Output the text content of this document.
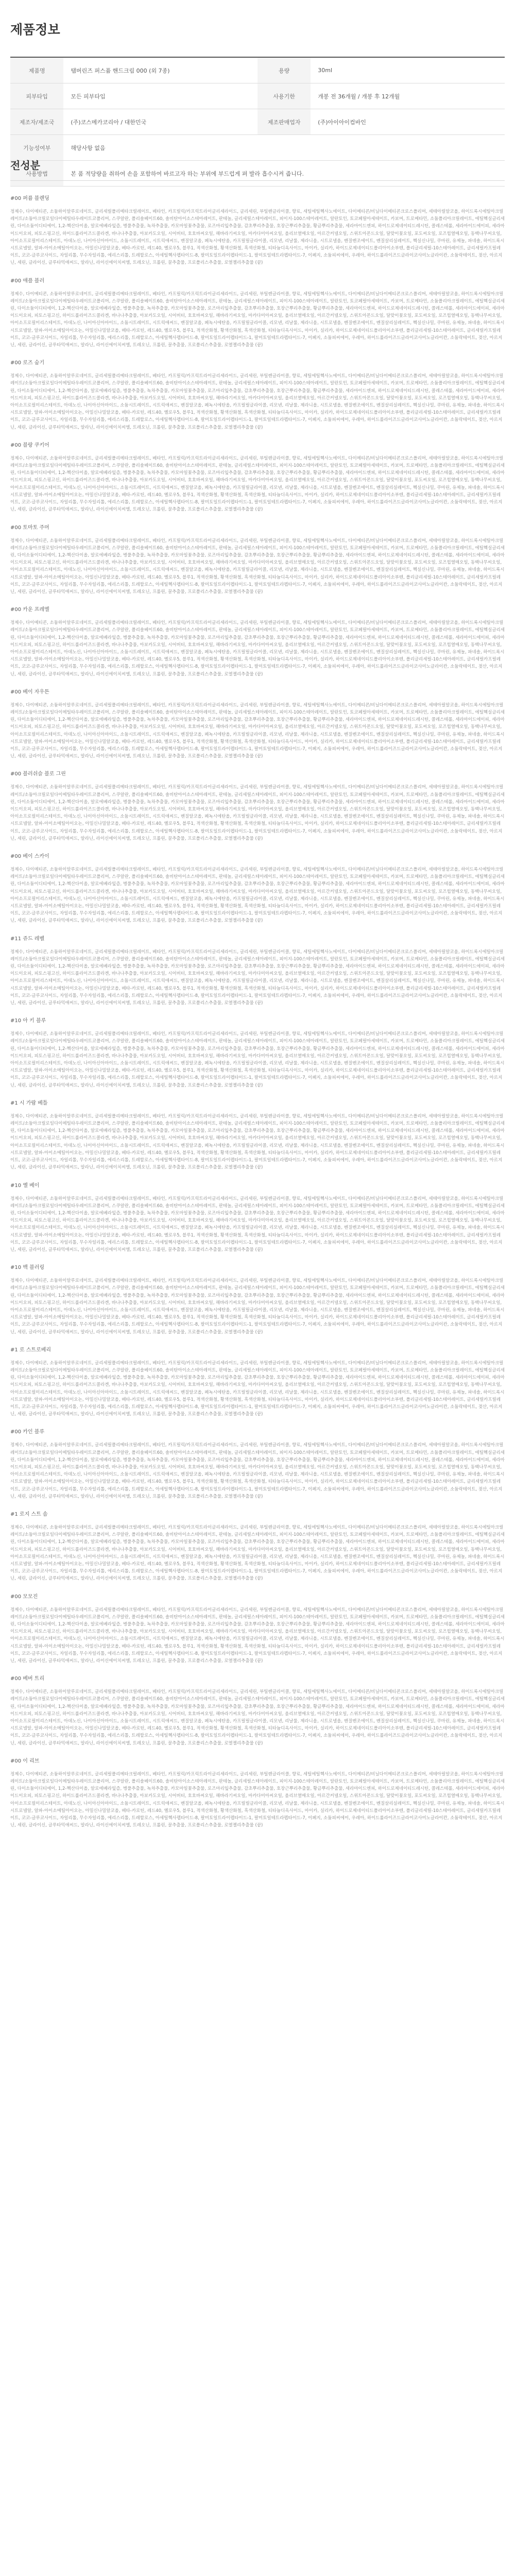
제품정보
제품명	탬버린즈 퍼스퓸 핸드크림 000 (외 7종)	용량	30ml
피부타입	모든 피부타입	사용기한	개봉 전 36개월 / 개봉 후 12개월
제조자/제조국	(주)코스메카코리아 / 대한민국	제조판매업자	(주)아이아이컴바인
기능성여부	해당사항 없음		
사용방법	본 품 적당량을 취하여 손을 포함하여 바르고자 하는 부위에 부드럽게 펴 발라 흡수시켜 줍니다.		
전성분
#00 퍼퓸 블렌딩
정제수, 다이메티콘, 소듐하이알루로네이트, 글리세릴폴리메타크릴레이트, 베타인, 카프릴릭/카프릭트라이글리세라이드, 글리세린, 부틸렌글라이콜, 향료, 세틸에틸헥사노에이트, 다이메티콘/비닐다이메티콘크로스폴리머, 세테아릴알코올, 하이드록시에틸아크릴레이트/소듐아크릴로일다이메틸타우레이트코폴리머, 스쿠알란, 폴리솔베이트60, 솔비탄아이소스테아레이트, 판테놀, 글리세릴스테아레이트, 피이지-100스테아레이트, 알란토인, 토코페릴아세테이트, 카보머, 트로메타민, 소듐폴리아크릴레이트, 에틸헥실글리세린, 다이소듐이디티에이, 1,2-헥산다이올, 알로에베라잎즙, 병풀추출물, 녹차추출물, 카모마일꽃추출물, 로즈마리잎추출물, 감초뿌리추출물, 호장근뿌리추출물, 황금뿌리추출물, 세라마이드엔피, 하이드로제네이티드레시틴, 콜레스테롤, 세라마이드에이피, 세라마이드이오피, 피토스핑고신, 하이드롤라이즈드콜라겐, 바나나추출물, 아보카도오일, 시어버터, 호호바씨오일, 해바라기씨오일, 마카다미아씨오일, 올리브열매오일, 아르간커넬오일, 스위트아몬드오일, 달맞이꽃오일, 포도씨오일, 로즈힙열매오일, 동백나무씨오일, 아이소프로필미리스테이트, 아데노신, 나이아신아마이드, 소듐시트레이트, 시트릭애씨드, 벤질알코올, 페녹시에탄올, 카프릴릴글라이콜, 리모넨, 리날룰, 제라니올, 시트로넬올, 벤질벤조에이트, 벤질살리실레이트, 헥실신나밀, 쿠마린, 유제놀, 파네솔, 하이드록시시트로넬알, 알파-아이소메틸아이오논, 아밀신나밀알코올, 베타-카로틴, 레드40, 옐로우5, 블루1, 적색산화철, 황색산화철, 흑색산화철, 티타늄디옥사이드, 마이카, 실리카, 하이드로제네이티드폴리아이소부텐, 폴리글리세릴-10스테아레이트, 글리세릴카프릴레이트, 코코-글루코사이드, 자일리톨, 무수자일리톨, 에리스리톨, 트레할로스, 아세틸헥사펩타이드-8, 팔미토일트라이펩타이드-1, 팔미토일테트라펩타이드-7, 이페지, 소듐피씨에이, 우레아, 하이드롤라이즈드글라이코사미노글라이칸, 소듐락테이트, 젖산, 아르지닌, 세린, 글라이신, 글루타믹애씨드, 알라닌, 라이신에이치씨엘, 트레오닌, 프롤린, 꿀추출물, 프로폴리스추출물, 로열젤리추출물 (끝)
#00 애플 블러
정제수, 다이메티콘, 소듐하이알루로네이트, 글리세릴폴리메타크릴레이트, 베타인, 카프릴릭/카프릭트라이글리세라이드, 글리세린, 부틸렌글라이콜, 향료, 세틸에틸헥사노에이트, 다이메티콘/비닐다이메티콘크로스폴리머, 세테아릴알코올, 하이드록시에틸아크릴레이트/소듐아크릴로일다이메틸타우레이트코폴리머, 스쿠알란, 폴리솔베이트60, 솔비탄아이소스테아레이트, 판테놀, 글리세릴스테아레이트, 피이지-100스테아레이트, 알란토인, 토코페릴아세테이트, 카보머, 트로메타민, 소듐폴리아크릴레이트, 에틸헥실글리세린, 다이소듐이디티에이, 1,2-헥산다이올, 알로에베라잎즙, 병풀추출물, 녹차추출물, 카모마일꽃추출물, 로즈마리잎추출물, 감초뿌리추출물, 호장근뿌리추출물, 황금뿌리추출물, 세라마이드엔피, 하이드로제네이티드레시틴, 콜레스테롤, 세라마이드에이피, 세라마이드이오피, 피토스핑고신, 하이드롤라이즈드콜라겐, 바나나추출물, 아보카도오일, 시어버터, 호호바씨오일, 해바라기씨오일, 마카다미아씨오일, 올리브열매오일, 아르간커넬오일, 스위트아몬드오일, 달맞이꽃오일, 포도씨오일, 로즈힙열매오일, 동백나무씨오일, 아이소프로필미리스테이트, 아데노신, 나이아신아마이드, 소듐시트레이트, 시트릭애씨드, 벤질알코올, 페녹시에탄올, 카프릴릴글라이콜, 리모넨, 리날룰, 제라니올, 시트로넬올, 벤질벤조에이트, 벤질살리실레이트, 헥실신나밀, 쿠마린, 유제놀, 파네솔, 하이드록시시트로넬알, 알파-아이소메틸아이오논, 아밀신나밀알코올, 베타-카로틴, 레드40, 옐로우5, 블루1, 적색산화철, 황색산화철, 흑색산화철, 티타늄디옥사이드, 마이카, 실리카, 하이드로제네이티드폴리아이소부텐, 폴리글리세릴-10스테아레이트, 글리세릴카프릴레이트, 코코-글루코사이드, 자일리톨, 무수자일리톨, 에리스리톨, 트레할로스, 아세틸헥사펩타이드-8, 팔미토일트라이펩타이드-1, 팔미토일테트라펩타이드-7, 이페지, 소듐피씨에이, 우레아, 하이드롤라이즈드글라이코사미노글라이칸, 소듐락테이트, 젖산, 아르지닌, 세린, 글라이신, 글루타믹애씨드, 알라닌, 라이신에이치씨엘, 트레오닌, 프롤린, 꿀추출물, 프로폴리스추출물, 로열젤리추출물 (끝)
#00 로즈 숨기
정제수, 다이메티콘, 소듐하이알루로네이트, 글리세릴폴리메타크릴레이트, 베타인, 카프릴릭/카프릭트라이글리세라이드, 글리세린, 부틸렌글라이콜, 향료, 세틸에틸헥사노에이트, 다이메티콘/비닐다이메티콘크로스폴리머, 세테아릴알코올, 하이드록시에틸아크릴레이트/소듐아크릴로일다이메틸타우레이트코폴리머, 스쿠알란, 폴리솔베이트60, 솔비탄아이소스테아레이트, 판테놀, 글리세릴스테아레이트, 피이지-100스테아레이트, 알란토인, 토코페릴아세테이트, 카보머, 트로메타민, 소듐폴리아크릴레이트, 에틸헥실글리세린, 다이소듐이디티에이, 1,2-헥산다이올, 알로에베라잎즙, 병풀추출물, 녹차추출물, 카모마일꽃추출물, 로즈마리잎추출물, 감초뿌리추출물, 호장근뿌리추출물, 황금뿌리추출물, 세라마이드엔피, 하이드로제네이티드레시틴, 콜레스테롤, 세라마이드에이피, 세라마이드이오피, 피토스핑고신, 하이드롤라이즈드콜라겐, 바나나추출물, 아보카도오일, 시어버터, 호호바씨오일, 해바라기씨오일, 마카다미아씨오일, 올리브열매오일, 아르간커넬오일, 스위트아몬드오일, 달맞이꽃오일, 포도씨오일, 로즈힙열매오일, 동백나무씨오일, 아이소프로필미리스테이트, 아데노신, 나이아신아마이드, 소듐시트레이트, 시트릭애씨드, 벤질알코올, 페녹시에탄올, 카프릴릴글라이콜, 리모넨, 리날룰, 제라니올, 시트로넬올, 벤질벤조에이트, 벤질살리실레이트, 헥실신나밀, 쿠마린, 유제놀, 파네솔, 하이드록시시트로넬알, 알파-아이소메틸아이오논, 아밀신나밀알코올, 베타-카로틴, 레드40, 옐로우5, 블루1, 적색산화철, 황색산화철, 흑색산화철, 티타늄디옥사이드, 마이카, 실리카, 하이드로제네이티드폴리아이소부텐, 폴리글리세릴-10스테아레이트, 글리세릴카프릴레이트, 코코-글루코사이드, 자일리톨, 무수자일리톨, 에리스리톨, 트레할로스, 아세틸헥사펩타이드-8, 팔미토일트라이펩타이드-1, 팔미토일테트라펩타이드-7, 이페지, 소듐피씨에이, 우레아, 하이드롤라이즈드글라이코사미노글라이칸, 소듐락테이트, 젖산, 아르지닌, 세린, 글라이신, 글루타믹애씨드, 알라닌, 라이신에이치씨엘, 트레오닌, 프롤린, 꿀추출물, 프로폴리스추출물, 로열젤리추출물 (끝)
#00 블랑 쿠키어
정제수, 다이메티콘, 소듐하이알루로네이트, 글리세릴폴리메타크릴레이트, 베타인, 카프릴릭/카프릭트라이글리세라이드, 글리세린, 부틸렌글라이콜, 향료, 세틸에틸헥사노에이트, 다이메티콘/비닐다이메티콘크로스폴리머, 세테아릴알코올, 하이드록시에틸아크릴레이트/소듐아크릴로일다이메틸타우레이트코폴리머, 스쿠알란, 폴리솔베이트60, 솔비탄아이소스테아레이트, 판테놀, 글리세릴스테아레이트, 피이지-100스테아레이트, 알란토인, 토코페릴아세테이트, 카보머, 트로메타민, 소듐폴리아크릴레이트, 에틸헥실글리세린, 다이소듐이디티에이, 1,2-헥산다이올, 알로에베라잎즙, 병풀추출물, 녹차추출물, 카모마일꽃추출물, 로즈마리잎추출물, 감초뿌리추출물, 호장근뿌리추출물, 황금뿌리추출물, 세라마이드엔피, 하이드로제네이티드레시틴, 콜레스테롤, 세라마이드에이피, 세라마이드이오피, 피토스핑고신, 하이드롤라이즈드콜라겐, 바나나추출물, 아보카도오일, 시어버터, 호호바씨오일, 해바라기씨오일, 마카다미아씨오일, 올리브열매오일, 아르간커넬오일, 스위트아몬드오일, 달맞이꽃오일, 포도씨오일, 로즈힙열매오일, 동백나무씨오일, 아이소프로필미리스테이트, 아데노신, 나이아신아마이드, 소듐시트레이트, 시트릭애씨드, 벤질알코올, 페녹시에탄올, 카프릴릴글라이콜, 리모넨, 리날룰, 제라니올, 시트로넬올, 벤질벤조에이트, 벤질살리실레이트, 헥실신나밀, 쿠마린, 유제놀, 파네솔, 하이드록시시트로넬알, 알파-아이소메틸아이오논, 아밀신나밀알코올, 베타-카로틴, 레드40, 옐로우5, 블루1, 적색산화철, 황색산화철, 흑색산화철, 티타늄디옥사이드, 마이카, 실리카, 하이드로제네이티드폴리아이소부텐, 폴리글리세릴-10스테아레이트, 글리세릴카프릴레이트, 코코-글루코사이드, 자일리톨, 무수자일리톨, 에리스리톨, 트레할로스, 아세틸헥사펩타이드-8, 팔미토일트라이펩타이드-1, 팔미토일테트라펩타이드-7, 이페지, 소듐피씨에이, 우레아, 하이드롤라이즈드글라이코사미노글라이칸, 소듐락테이트, 젖산, 아르지닌, 세린, 글라이신, 글루타믹애씨드, 알라닌, 라이신에이치씨엘, 트레오닌, 프롤린, 꿀추출물, 프로폴리스추출물, 로열젤리추출물 (끝)
#00 토마토 주머
정제수, 다이메티콘, 소듐하이알루로네이트, 글리세릴폴리메타크릴레이트, 베타인, 카프릴릭/카프릭트라이글리세라이드, 글리세린, 부틸렌글라이콜, 향료, 세틸에틸헥사노에이트, 다이메티콘/비닐다이메티콘크로스폴리머, 세테아릴알코올, 하이드록시에틸아크릴레이트/소듐아크릴로일다이메틸타우레이트코폴리머, 스쿠알란, 폴리솔베이트60, 솔비탄아이소스테아레이트, 판테놀, 글리세릴스테아레이트, 피이지-100스테아레이트, 알란토인, 토코페릴아세테이트, 카보머, 트로메타민, 소듐폴리아크릴레이트, 에틸헥실글리세린, 다이소듐이디티에이, 1,2-헥산다이올, 알로에베라잎즙, 병풀추출물, 녹차추출물, 카모마일꽃추출물, 로즈마리잎추출물, 감초뿌리추출물, 호장근뿌리추출물, 황금뿌리추출물, 세라마이드엔피, 하이드로제네이티드레시틴, 콜레스테롤, 세라마이드에이피, 세라마이드이오피, 피토스핑고신, 하이드롤라이즈드콜라겐, 바나나추출물, 아보카도오일, 시어버터, 호호바씨오일, 해바라기씨오일, 마카다미아씨오일, 올리브열매오일, 아르간커넬오일, 스위트아몬드오일, 달맞이꽃오일, 포도씨오일, 로즈힙열매오일, 동백나무씨오일, 아이소프로필미리스테이트, 아데노신, 나이아신아마이드, 소듐시트레이트, 시트릭애씨드, 벤질알코올, 페녹시에탄올, 카프릴릴글라이콜, 리모넨, 리날룰, 제라니올, 시트로넬올, 벤질벤조에이트, 벤질살리실레이트, 헥실신나밀, 쿠마린, 유제놀, 파네솔, 하이드록시시트로넬알, 알파-아이소메틸아이오논, 아밀신나밀알코올, 베타-카로틴, 레드40, 옐로우5, 블루1, 적색산화철, 황색산화철, 흑색산화철, 티타늄디옥사이드, 마이카, 실리카, 하이드로제네이티드폴리아이소부텐, 폴리글리세릴-10스테아레이트, 글리세릴카프릴레이트, 코코-글루코사이드, 자일리톨, 무수자일리톨, 에리스리톨, 트레할로스, 아세틸헥사펩타이드-8, 팔미토일트라이펩타이드-1, 팔미토일테트라펩타이드-7, 이페지, 소듐피씨에이, 우레아, 하이드롤라이즈드글라이코사미노글라이칸, 소듐락테이트, 젖산, 아르지닌, 세린, 글라이신, 글루타믹애씨드, 알라닌, 라이신에이치씨엘, 트레오닌, 프롤린, 꿀추출물, 프로폴리스추출물, 로열젤리추출물 (끝)
#00 카운 프레멜
정제수, 다이메티콘, 소듐하이알루로네이트, 글리세릴폴리메타크릴레이트, 베타인, 카프릴릭/카프릭트라이글리세라이드, 글리세린, 부틸렌글라이콜, 향료, 세틸에틸헥사노에이트, 다이메티콘/비닐다이메티콘크로스폴리머, 세테아릴알코올, 하이드록시에틸아크릴레이트/소듐아크릴로일다이메틸타우레이트코폴리머, 스쿠알란, 폴리솔베이트60, 솔비탄아이소스테아레이트, 판테놀, 글리세릴스테아레이트, 피이지-100스테아레이트, 알란토인, 토코페릴아세테이트, 카보머, 트로메타민, 소듐폴리아크릴레이트, 에틸헥실글리세린, 다이소듐이디티에이, 1,2-헥산다이올, 알로에베라잎즙, 병풀추출물, 녹차추출물, 카모마일꽃추출물, 로즈마리잎추출물, 감초뿌리추출물, 호장근뿌리추출물, 황금뿌리추출물, 세라마이드엔피, 하이드로제네이티드레시틴, 콜레스테롤, 세라마이드에이피, 세라마이드이오피, 피토스핑고신, 하이드롤라이즈드콜라겐, 바나나추출물, 아보카도오일, 시어버터, 호호바씨오일, 해바라기씨오일, 마카다미아씨오일, 올리브열매오일, 아르간커넬오일, 스위트아몬드오일, 달맞이꽃오일, 포도씨오일, 로즈힙열매오일, 동백나무씨오일, 아이소프로필미리스테이트, 아데노신, 나이아신아마이드, 소듐시트레이트, 시트릭애씨드, 벤질알코올, 페녹시에탄올, 카프릴릴글라이콜, 리모넨, 리날룰, 제라니올, 시트로넬올, 벤질벤조에이트, 벤질살리실레이트, 헥실신나밀, 쿠마린, 유제놀, 파네솔, 하이드록시시트로넬알, 알파-아이소메틸아이오논, 아밀신나밀알코올, 베타-카로틴, 레드40, 옐로우5, 블루1, 적색산화철, 황색산화철, 흑색산화철, 티타늄디옥사이드, 마이카, 실리카, 하이드로제네이티드폴리아이소부텐, 폴리글리세릴-10스테아레이트, 글리세릴카프릴레이트, 코코-글루코사이드, 자일리톨, 무수자일리톨, 에리스리톨, 트레할로스, 아세틸헥사펩타이드-8, 팔미토일트라이펩타이드-1, 팔미토일테트라펩타이드-7, 이페지, 소듐피씨에이, 우레아, 하이드롤라이즈드글라이코사미노글라이칸, 소듐락테이트, 젖산, 아르지닌, 세린, 글라이신, 글루타믹애씨드, 알라닌, 라이신에이치씨엘, 트레오닌, 프롤린, 꿀추출물, 프로폴리스추출물, 로열젤리추출물 (끝)
#00 베이 자우튼
정제수, 다이메티콘, 소듐하이알루로네이트, 글리세릴폴리메타크릴레이트, 베타인, 카프릴릭/카프릭트라이글리세라이드, 글리세린, 부틸렌글라이콜, 향료, 세틸에틸헥사노에이트, 다이메티콘/비닐다이메티콘크로스폴리머, 세테아릴알코올, 하이드록시에틸아크릴레이트/소듐아크릴로일다이메틸타우레이트코폴리머, 스쿠알란, 폴리솔베이트60, 솔비탄아이소스테아레이트, 판테놀, 글리세릴스테아레이트, 피이지-100스테아레이트, 알란토인, 토코페릴아세테이트, 카보머, 트로메타민, 소듐폴리아크릴레이트, 에틸헥실글리세린, 다이소듐이디티에이, 1,2-헥산다이올, 알로에베라잎즙, 병풀추출물, 녹차추출물, 카모마일꽃추출물, 로즈마리잎추출물, 감초뿌리추출물, 호장근뿌리추출물, 황금뿌리추출물, 세라마이드엔피, 하이드로제네이티드레시틴, 콜레스테롤, 세라마이드에이피, 세라마이드이오피, 피토스핑고신, 하이드롤라이즈드콜라겐, 바나나추출물, 아보카도오일, 시어버터, 호호바씨오일, 해바라기씨오일, 마카다미아씨오일, 올리브열매오일, 아르간커넬오일, 스위트아몬드오일, 달맞이꽃오일, 포도씨오일, 로즈힙열매오일, 동백나무씨오일, 아이소프로필미리스테이트, 아데노신, 나이아신아마이드, 소듐시트레이트, 시트릭애씨드, 벤질알코올, 페녹시에탄올, 카프릴릴글라이콜, 리모넨, 리날룰, 제라니올, 시트로넬올, 벤질벤조에이트, 벤질살리실레이트, 헥실신나밀, 쿠마린, 유제놀, 파네솔, 하이드록시시트로넬알, 알파-아이소메틸아이오논, 아밀신나밀알코올, 베타-카로틴, 레드40, 옐로우5, 블루1, 적색산화철, 황색산화철, 흑색산화철, 티타늄디옥사이드, 마이카, 실리카, 하이드로제네이티드폴리아이소부텐, 폴리글리세릴-10스테아레이트, 글리세릴카프릴레이트, 코코-글루코사이드, 자일리톨, 무수자일리톨, 에리스리톨, 트레할로스, 아세틸헥사펩타이드-8, 팔미토일트라이펩타이드-1, 팔미토일테트라펩타이드-7, 이페지, 소듐피씨에이, 우레아, 하이드롤라이즈드글라이코사미노글라이칸, 소듐락테이트, 젖산, 아르지닌, 세린, 글라이신, 글루타믹애씨드, 알라닌, 라이신에이치씨엘, 트레오닌, 프롤린, 꿀추출물, 프로폴리스추출물, 로열젤리추출물 (끝)
#00 블러쉬슬 블로 그린
정제수, 다이메티콘, 소듐하이알루로네이트, 글리세릴폴리메타크릴레이트, 베타인, 카프릴릭/카프릭트라이글리세라이드, 글리세린, 부틸렌글라이콜, 향료, 세틸에틸헥사노에이트, 다이메티콘/비닐다이메티콘크로스폴리머, 세테아릴알코올, 하이드록시에틸아크릴레이트/소듐아크릴로일다이메틸타우레이트코폴리머, 스쿠알란, 폴리솔베이트60, 솔비탄아이소스테아레이트, 판테놀, 글리세릴스테아레이트, 피이지-100스테아레이트, 알란토인, 토코페릴아세테이트, 카보머, 트로메타민, 소듐폴리아크릴레이트, 에틸헥실글리세린, 다이소듐이디티에이, 1,2-헥산다이올, 알로에베라잎즙, 병풀추출물, 녹차추출물, 카모마일꽃추출물, 로즈마리잎추출물, 감초뿌리추출물, 호장근뿌리추출물, 황금뿌리추출물, 세라마이드엔피, 하이드로제네이티드레시틴, 콜레스테롤, 세라마이드에이피, 세라마이드이오피, 피토스핑고신, 하이드롤라이즈드콜라겐, 바나나추출물, 아보카도오일, 시어버터, 호호바씨오일, 해바라기씨오일, 마카다미아씨오일, 올리브열매오일, 아르간커넬오일, 스위트아몬드오일, 달맞이꽃오일, 포도씨오일, 로즈힙열매오일, 동백나무씨오일, 아이소프로필미리스테이트, 아데노신, 나이아신아마이드, 소듐시트레이트, 시트릭애씨드, 벤질알코올, 페녹시에탄올, 카프릴릴글라이콜, 리모넨, 리날룰, 제라니올, 시트로넬올, 벤질벤조에이트, 벤질살리실레이트, 헥실신나밀, 쿠마린, 유제놀, 파네솔, 하이드록시시트로넬알, 알파-아이소메틸아이오논, 아밀신나밀알코올, 베타-카로틴, 레드40, 옐로우5, 블루1, 적색산화철, 황색산화철, 흑색산화철, 티타늄디옥사이드, 마이카, 실리카, 하이드로제네이티드폴리아이소부텐, 폴리글리세릴-10스테아레이트, 글리세릴카프릴레이트, 코코-글루코사이드, 자일리톨, 무수자일리톨, 에리스리톨, 트레할로스, 아세틸헥사펩타이드-8, 팔미토일트라이펩타이드-1, 팔미토일테트라펩타이드-7, 이페지, 소듐피씨에이, 우레아, 하이드롤라이즈드글라이코사미노글라이칸, 소듐락테이트, 젖산, 아르지닌, 세린, 글라이신, 글루타믹애씨드, 알라닌, 라이신에이치씨엘, 트레오닌, 프롤린, 꿀추출물, 프로폴리스추출물, 로열젤리추출물 (끝)
#00 베이 스카이
정제수, 다이메티콘, 소듐하이알루로네이트, 글리세릴폴리메타크릴레이트, 베타인, 카프릴릭/카프릭트라이글리세라이드, 글리세린, 부틸렌글라이콜, 향료, 세틸에틸헥사노에이트, 다이메티콘/비닐다이메티콘크로스폴리머, 세테아릴알코올, 하이드록시에틸아크릴레이트/소듐아크릴로일다이메틸타우레이트코폴리머, 스쿠알란, 폴리솔베이트60, 솔비탄아이소스테아레이트, 판테놀, 글리세릴스테아레이트, 피이지-100스테아레이트, 알란토인, 토코페릴아세테이트, 카보머, 트로메타민, 소듐폴리아크릴레이트, 에틸헥실글리세린, 다이소듐이디티에이, 1,2-헥산다이올, 알로에베라잎즙, 병풀추출물, 녹차추출물, 카모마일꽃추출물, 로즈마리잎추출물, 감초뿌리추출물, 호장근뿌리추출물, 황금뿌리추출물, 세라마이드엔피, 하이드로제네이티드레시틴, 콜레스테롤, 세라마이드에이피, 세라마이드이오피, 피토스핑고신, 하이드롤라이즈드콜라겐, 바나나추출물, 아보카도오일, 시어버터, 호호바씨오일, 해바라기씨오일, 마카다미아씨오일, 올리브열매오일, 아르간커넬오일, 스위트아몬드오일, 달맞이꽃오일, 포도씨오일, 로즈힙열매오일, 동백나무씨오일, 아이소프로필미리스테이트, 아데노신, 나이아신아마이드, 소듐시트레이트, 시트릭애씨드, 벤질알코올, 페녹시에탄올, 카프릴릴글라이콜, 리모넨, 리날룰, 제라니올, 시트로넬올, 벤질벤조에이트, 벤질살리실레이트, 헥실신나밀, 쿠마린, 유제놀, 파네솔, 하이드록시시트로넬알, 알파-아이소메틸아이오논, 아밀신나밀알코올, 베타-카로틴, 레드40, 옐로우5, 블루1, 적색산화철, 황색산화철, 흑색산화철, 티타늄디옥사이드, 마이카, 실리카, 하이드로제네이티드폴리아이소부텐, 폴리글리세릴-10스테아레이트, 글리세릴카프릴레이트, 코코-글루코사이드, 자일리톨, 무수자일리톨, 에리스리톨, 트레할로스, 아세틸헥사펩타이드-8, 팔미토일트라이펩타이드-1, 팔미토일테트라펩타이드-7, 이페지, 소듐피씨에이, 우레아, 하이드롤라이즈드글라이코사미노글라이칸, 소듐락테이트, 젖산, 아르지닌, 세린, 글라이신, 글루타믹애씨드, 알라닌, 라이신에이치씨엘, 트레오닌, 프롤린, 꿀추출물, 프로폴리스추출물, 로열젤리추출물 (끝)
#11 쥬드 레벨
정제수, 다이메티콘, 소듐하이알루로네이트, 글리세릴폴리메타크릴레이트, 베타인, 카프릴릭/카프릭트라이글리세라이드, 글리세린, 부틸렌글라이콜, 향료, 세틸에틸헥사노에이트, 다이메티콘/비닐다이메티콘크로스폴리머, 세테아릴알코올, 하이드록시에틸아크릴레이트/소듐아크릴로일다이메틸타우레이트코폴리머, 스쿠알란, 폴리솔베이트60, 솔비탄아이소스테아레이트, 판테놀, 글리세릴스테아레이트, 피이지-100스테아레이트, 알란토인, 토코페릴아세테이트, 카보머, 트로메타민, 소듐폴리아크릴레이트, 에틸헥실글리세린, 다이소듐이디티에이, 1,2-헥산다이올, 알로에베라잎즙, 병풀추출물, 녹차추출물, 카모마일꽃추출물, 로즈마리잎추출물, 감초뿌리추출물, 호장근뿌리추출물, 황금뿌리추출물, 세라마이드엔피, 하이드로제네이티드레시틴, 콜레스테롤, 세라마이드에이피, 세라마이드이오피, 피토스핑고신, 하이드롤라이즈드콜라겐, 바나나추출물, 아보카도오일, 시어버터, 호호바씨오일, 해바라기씨오일, 마카다미아씨오일, 올리브열매오일, 아르간커넬오일, 스위트아몬드오일, 달맞이꽃오일, 포도씨오일, 로즈힙열매오일, 동백나무씨오일, 아이소프로필미리스테이트, 아데노신, 나이아신아마이드, 소듐시트레이트, 시트릭애씨드, 벤질알코올, 페녹시에탄올, 카프릴릴글라이콜, 리모넨, 리날룰, 제라니올, 시트로넬올, 벤질벤조에이트, 벤질살리실레이트, 헥실신나밀, 쿠마린, 유제놀, 파네솔, 하이드록시시트로넬알, 알파-아이소메틸아이오논, 아밀신나밀알코올, 베타-카로틴, 레드40, 옐로우5, 블루1, 적색산화철, 황색산화철, 흑색산화철, 티타늄디옥사이드, 마이카, 실리카, 하이드로제네이티드폴리아이소부텐, 폴리글리세릴-10스테아레이트, 글리세릴카프릴레이트, 코코-글루코사이드, 자일리톨, 무수자일리톨, 에리스리톨, 트레할로스, 아세틸헥사펩타이드-8, 팔미토일트라이펩타이드-1, 팔미토일테트라펩타이드-7, 이페지, 소듐피씨에이, 우레아, 하이드롤라이즈드글라이코사미노글라이칸, 소듐락테이트, 젖산, 아르지닌, 세린, 글라이신, 글루타믹애씨드, 알라닌, 라이신에이치씨엘, 트레오닌, 프롤린, 꿀추출물, 프로폴리스추출물, 로열젤리추출물 (끝)
#10 아 키 블루
정제수, 다이메티콘, 소듐하이알루로네이트, 글리세릴폴리메타크릴레이트, 베타인, 카프릴릭/카프릭트라이글리세라이드, 글리세린, 부틸렌글라이콜, 향료, 세틸에틸헥사노에이트, 다이메티콘/비닐다이메티콘크로스폴리머, 세테아릴알코올, 하이드록시에틸아크릴레이트/소듐아크릴로일다이메틸타우레이트코폴리머, 스쿠알란, 폴리솔베이트60, 솔비탄아이소스테아레이트, 판테놀, 글리세릴스테아레이트, 피이지-100스테아레이트, 알란토인, 토코페릴아세테이트, 카보머, 트로메타민, 소듐폴리아크릴레이트, 에틸헥실글리세린, 다이소듐이디티에이, 1,2-헥산다이올, 알로에베라잎즙, 병풀추출물, 녹차추출물, 카모마일꽃추출물, 로즈마리잎추출물, 감초뿌리추출물, 호장근뿌리추출물, 황금뿌리추출물, 세라마이드엔피, 하이드로제네이티드레시틴, 콜레스테롤, 세라마이드에이피, 세라마이드이오피, 피토스핑고신, 하이드롤라이즈드콜라겐, 바나나추출물, 아보카도오일, 시어버터, 호호바씨오일, 해바라기씨오일, 마카다미아씨오일, 올리브열매오일, 아르간커넬오일, 스위트아몬드오일, 달맞이꽃오일, 포도씨오일, 로즈힙열매오일, 동백나무씨오일, 아이소프로필미리스테이트, 아데노신, 나이아신아마이드, 소듐시트레이트, 시트릭애씨드, 벤질알코올, 페녹시에탄올, 카프릴릴글라이콜, 리모넨, 리날룰, 제라니올, 시트로넬올, 벤질벤조에이트, 벤질살리실레이트, 헥실신나밀, 쿠마린, 유제놀, 파네솔, 하이드록시시트로넬알, 알파-아이소메틸아이오논, 아밀신나밀알코올, 베타-카로틴, 레드40, 옐로우5, 블루1, 적색산화철, 황색산화철, 흑색산화철, 티타늄디옥사이드, 마이카, 실리카, 하이드로제네이티드폴리아이소부텐, 폴리글리세릴-10스테아레이트, 글리세릴카프릴레이트, 코코-글루코사이드, 자일리톨, 무수자일리톨, 에리스리톨, 트레할로스, 아세틸헥사펩타이드-8, 팔미토일트라이펩타이드-1, 팔미토일테트라펩타이드-7, 이페지, 소듐피씨에이, 우레아, 하이드롤라이즈드글라이코사미노글라이칸, 소듐락테이트, 젖산, 아르지닌, 세린, 글라이신, 글루타믹애씨드, 알라닌, 라이신에이치씨엘, 트레오닌, 프롤린, 꿀추출물, 프로폴리스추출물, 로열젤리추출물 (끝)
#1 시 가람 베틀
정제수, 다이메티콘, 소듐하이알루로네이트, 글리세릴폴리메타크릴레이트, 베타인, 카프릴릭/카프릭트라이글리세라이드, 글리세린, 부틸렌글라이콜, 향료, 세틸에틸헥사노에이트, 다이메티콘/비닐다이메티콘크로스폴리머, 세테아릴알코올, 하이드록시에틸아크릴레이트/소듐아크릴로일다이메틸타우레이트코폴리머, 스쿠알란, 폴리솔베이트60, 솔비탄아이소스테아레이트, 판테놀, 글리세릴스테아레이트, 피이지-100스테아레이트, 알란토인, 토코페릴아세테이트, 카보머, 트로메타민, 소듐폴리아크릴레이트, 에틸헥실글리세린, 다이소듐이디티에이, 1,2-헥산다이올, 알로에베라잎즙, 병풀추출물, 녹차추출물, 카모마일꽃추출물, 로즈마리잎추출물, 감초뿌리추출물, 호장근뿌리추출물, 황금뿌리추출물, 세라마이드엔피, 하이드로제네이티드레시틴, 콜레스테롤, 세라마이드에이피, 세라마이드이오피, 피토스핑고신, 하이드롤라이즈드콜라겐, 바나나추출물, 아보카도오일, 시어버터, 호호바씨오일, 해바라기씨오일, 마카다미아씨오일, 올리브열매오일, 아르간커넬오일, 스위트아몬드오일, 달맞이꽃오일, 포도씨오일, 로즈힙열매오일, 동백나무씨오일, 아이소프로필미리스테이트, 아데노신, 나이아신아마이드, 소듐시트레이트, 시트릭애씨드, 벤질알코올, 페녹시에탄올, 카프릴릴글라이콜, 리모넨, 리날룰, 제라니올, 시트로넬올, 벤질벤조에이트, 벤질살리실레이트, 헥실신나밀, 쿠마린, 유제놀, 파네솔, 하이드록시시트로넬알, 알파-아이소메틸아이오논, 아밀신나밀알코올, 베타-카로틴, 레드40, 옐로우5, 블루1, 적색산화철, 황색산화철, 흑색산화철, 티타늄디옥사이드, 마이카, 실리카, 하이드로제네이티드폴리아이소부텐, 폴리글리세릴-10스테아레이트, 글리세릴카프릴레이트, 코코-글루코사이드, 자일리톨, 무수자일리톨, 에리스리톨, 트레할로스, 아세틸헥사펩타이드-8, 팔미토일트라이펩타이드-1, 팔미토일테트라펩타이드-7, 이페지, 소듐피씨에이, 우레아, 하이드롤라이즈드글라이코사미노글라이칸, 소듐락테이트, 젖산, 아르지닌, 세린, 글라이신, 글루타믹애씨드, 알라닌, 라이신에이치씨엘, 트레오닌, 프롤린, 꿀추출물, 프로폴리스추출물, 로열젤리추출물 (끝)
#10 옐 베이
정제수, 다이메티콘, 소듐하이알루로네이트, 글리세릴폴리메타크릴레이트, 베타인, 카프릴릭/카프릭트라이글리세라이드, 글리세린, 부틸렌글라이콜, 향료, 세틸에틸헥사노에이트, 다이메티콘/비닐다이메티콘크로스폴리머, 세테아릴알코올, 하이드록시에틸아크릴레이트/소듐아크릴로일다이메틸타우레이트코폴리머, 스쿠알란, 폴리솔베이트60, 솔비탄아이소스테아레이트, 판테놀, 글리세릴스테아레이트, 피이지-100스테아레이트, 알란토인, 토코페릴아세테이트, 카보머, 트로메타민, 소듐폴리아크릴레이트, 에틸헥실글리세린, 다이소듐이디티에이, 1,2-헥산다이올, 알로에베라잎즙, 병풀추출물, 녹차추출물, 카모마일꽃추출물, 로즈마리잎추출물, 감초뿌리추출물, 호장근뿌리추출물, 황금뿌리추출물, 세라마이드엔피, 하이드로제네이티드레시틴, 콜레스테롤, 세라마이드에이피, 세라마이드이오피, 피토스핑고신, 하이드롤라이즈드콜라겐, 바나나추출물, 아보카도오일, 시어버터, 호호바씨오일, 해바라기씨오일, 마카다미아씨오일, 올리브열매오일, 아르간커넬오일, 스위트아몬드오일, 달맞이꽃오일, 포도씨오일, 로즈힙열매오일, 동백나무씨오일, 아이소프로필미리스테이트, 아데노신, 나이아신아마이드, 소듐시트레이트, 시트릭애씨드, 벤질알코올, 페녹시에탄올, 카프릴릴글라이콜, 리모넨, 리날룰, 제라니올, 시트로넬올, 벤질벤조에이트, 벤질살리실레이트, 헥실신나밀, 쿠마린, 유제놀, 파네솔, 하이드록시시트로넬알, 알파-아이소메틸아이오논, 아밀신나밀알코올, 베타-카로틴, 레드40, 옐로우5, 블루1, 적색산화철, 황색산화철, 흑색산화철, 티타늄디옥사이드, 마이카, 실리카, 하이드로제네이티드폴리아이소부텐, 폴리글리세릴-10스테아레이트, 글리세릴카프릴레이트, 코코-글루코사이드, 자일리톨, 무수자일리톨, 에리스리톨, 트레할로스, 아세틸헥사펩타이드-8, 팔미토일트라이펩타이드-1, 팔미토일테트라펩타이드-7, 이페지, 소듐피씨에이, 우레아, 하이드롤라이즈드글라이코사미노글라이칸, 소듐락테이트, 젖산, 아르지닌, 세린, 글라이신, 글루타믹애씨드, 알라닌, 라이신에이치씨엘, 트레오닌, 프롤린, 꿀추출물, 프로폴리스추출물, 로열젤리추출물 (끝)
#10 백 블러링
정제수, 다이메티콘, 소듐하이알루로네이트, 글리세릴폴리메타크릴레이트, 베타인, 카프릴릭/카프릭트라이글리세라이드, 글리세린, 부틸렌글라이콜, 향료, 세틸에틸헥사노에이트, 다이메티콘/비닐다이메티콘크로스폴리머, 세테아릴알코올, 하이드록시에틸아크릴레이트/소듐아크릴로일다이메틸타우레이트코폴리머, 스쿠알란, 폴리솔베이트60, 솔비탄아이소스테아레이트, 판테놀, 글리세릴스테아레이트, 피이지-100스테아레이트, 알란토인, 토코페릴아세테이트, 카보머, 트로메타민, 소듐폴리아크릴레이트, 에틸헥실글리세린, 다이소듐이디티에이, 1,2-헥산다이올, 알로에베라잎즙, 병풀추출물, 녹차추출물, 카모마일꽃추출물, 로즈마리잎추출물, 감초뿌리추출물, 호장근뿌리추출물, 황금뿌리추출물, 세라마이드엔피, 하이드로제네이티드레시틴, 콜레스테롤, 세라마이드에이피, 세라마이드이오피, 피토스핑고신, 하이드롤라이즈드콜라겐, 바나나추출물, 아보카도오일, 시어버터, 호호바씨오일, 해바라기씨오일, 마카다미아씨오일, 올리브열매오일, 아르간커넬오일, 스위트아몬드오일, 달맞이꽃오일, 포도씨오일, 로즈힙열매오일, 동백나무씨오일, 아이소프로필미리스테이트, 아데노신, 나이아신아마이드, 소듐시트레이트, 시트릭애씨드, 벤질알코올, 페녹시에탄올, 카프릴릴글라이콜, 리모넨, 리날룰, 제라니올, 시트로넬올, 벤질벤조에이트, 벤질살리실레이트, 헥실신나밀, 쿠마린, 유제놀, 파네솔, 하이드록시시트로넬알, 알파-아이소메틸아이오논, 아밀신나밀알코올, 베타-카로틴, 레드40, 옐로우5, 블루1, 적색산화철, 황색산화철, 흑색산화철, 티타늄디옥사이드, 마이카, 실리카, 하이드로제네이티드폴리아이소부텐, 폴리글리세릴-10스테아레이트, 글리세릴카프릴레이트, 코코-글루코사이드, 자일리톨, 무수자일리톨, 에리스리톨, 트레할로스, 아세틸헥사펩타이드-8, 팔미토일트라이펩타이드-1, 팔미토일테트라펩타이드-7, 이페지, 소듐피씨에이, 우레아, 하이드롤라이즈드글라이코사미노글라이칸, 소듐락테이트, 젖산, 아르지닌, 세린, 글라이신, 글루타믹애씨드, 알라닌, 라이신에이치씨엘, 트레오닌, 프롤린, 꿀추출물, 프로폴리스추출물, 로열젤리추출물 (끝)
#1 로 스트로베리
정제수, 다이메티콘, 소듐하이알루로네이트, 글리세릴폴리메타크릴레이트, 베타인, 카프릴릭/카프릭트라이글리세라이드, 글리세린, 부틸렌글라이콜, 향료, 세틸에틸헥사노에이트, 다이메티콘/비닐다이메티콘크로스폴리머, 세테아릴알코올, 하이드록시에틸아크릴레이트/소듐아크릴로일다이메틸타우레이트코폴리머, 스쿠알란, 폴리솔베이트60, 솔비탄아이소스테아레이트, 판테놀, 글리세릴스테아레이트, 피이지-100스테아레이트, 알란토인, 토코페릴아세테이트, 카보머, 트로메타민, 소듐폴리아크릴레이트, 에틸헥실글리세린, 다이소듐이디티에이, 1,2-헥산다이올, 알로에베라잎즙, 병풀추출물, 녹차추출물, 카모마일꽃추출물, 로즈마리잎추출물, 감초뿌리추출물, 호장근뿌리추출물, 황금뿌리추출물, 세라마이드엔피, 하이드로제네이티드레시틴, 콜레스테롤, 세라마이드에이피, 세라마이드이오피, 피토스핑고신, 하이드롤라이즈드콜라겐, 바나나추출물, 아보카도오일, 시어버터, 호호바씨오일, 해바라기씨오일, 마카다미아씨오일, 올리브열매오일, 아르간커넬오일, 스위트아몬드오일, 달맞이꽃오일, 포도씨오일, 로즈힙열매오일, 동백나무씨오일, 아이소프로필미리스테이트, 아데노신, 나이아신아마이드, 소듐시트레이트, 시트릭애씨드, 벤질알코올, 페녹시에탄올, 카프릴릴글라이콜, 리모넨, 리날룰, 제라니올, 시트로넬올, 벤질벤조에이트, 벤질살리실레이트, 헥실신나밀, 쿠마린, 유제놀, 파네솔, 하이드록시시트로넬알, 알파-아이소메틸아이오논, 아밀신나밀알코올, 베타-카로틴, 레드40, 옐로우5, 블루1, 적색산화철, 황색산화철, 흑색산화철, 티타늄디옥사이드, 마이카, 실리카, 하이드로제네이티드폴리아이소부텐, 폴리글리세릴-10스테아레이트, 글리세릴카프릴레이트, 코코-글루코사이드, 자일리톨, 무수자일리톨, 에리스리톨, 트레할로스, 아세틸헥사펩타이드-8, 팔미토일트라이펩타이드-1, 팔미토일테트라펩타이드-7, 이페지, 소듐피씨에이, 우레아, 하이드롤라이즈드글라이코사미노글라이칸, 소듐락테이트, 젖산, 아르지닌, 세린, 글라이신, 글루타믹애씨드, 알라닌, 라이신에이치씨엘, 트레오닌, 프롤린, 꿀추출물, 프로폴리스추출물, 로열젤리추출물 (끝)
#00 카인 블루
정제수, 다이메티콘, 소듐하이알루로네이트, 글리세릴폴리메타크릴레이트, 베타인, 카프릴릭/카프릭트라이글리세라이드, 글리세린, 부틸렌글라이콜, 향료, 세틸에틸헥사노에이트, 다이메티콘/비닐다이메티콘크로스폴리머, 세테아릴알코올, 하이드록시에틸아크릴레이트/소듐아크릴로일다이메틸타우레이트코폴리머, 스쿠알란, 폴리솔베이트60, 솔비탄아이소스테아레이트, 판테놀, 글리세릴스테아레이트, 피이지-100스테아레이트, 알란토인, 토코페릴아세테이트, 카보머, 트로메타민, 소듐폴리아크릴레이트, 에틸헥실글리세린, 다이소듐이디티에이, 1,2-헥산다이올, 알로에베라잎즙, 병풀추출물, 녹차추출물, 카모마일꽃추출물, 로즈마리잎추출물, 감초뿌리추출물, 호장근뿌리추출물, 황금뿌리추출물, 세라마이드엔피, 하이드로제네이티드레시틴, 콜레스테롤, 세라마이드에이피, 세라마이드이오피, 피토스핑고신, 하이드롤라이즈드콜라겐, 바나나추출물, 아보카도오일, 시어버터, 호호바씨오일, 해바라기씨오일, 마카다미아씨오일, 올리브열매오일, 아르간커넬오일, 스위트아몬드오일, 달맞이꽃오일, 포도씨오일, 로즈힙열매오일, 동백나무씨오일, 아이소프로필미리스테이트, 아데노신, 나이아신아마이드, 소듐시트레이트, 시트릭애씨드, 벤질알코올, 페녹시에탄올, 카프릴릴글라이콜, 리모넨, 리날룰, 제라니올, 시트로넬올, 벤질벤조에이트, 벤질살리실레이트, 헥실신나밀, 쿠마린, 유제놀, 파네솔, 하이드록시시트로넬알, 알파-아이소메틸아이오논, 아밀신나밀알코올, 베타-카로틴, 레드40, 옐로우5, 블루1, 적색산화철, 황색산화철, 흑색산화철, 티타늄디옥사이드, 마이카, 실리카, 하이드로제네이티드폴리아이소부텐, 폴리글리세릴-10스테아레이트, 글리세릴카프릴레이트, 코코-글루코사이드, 자일리톨, 무수자일리톨, 에리스리톨, 트레할로스, 아세틸헥사펩타이드-8, 팔미토일트라이펩타이드-1, 팔미토일테트라펩타이드-7, 이페지, 소듐피씨에이, 우레아, 하이드롤라이즈드글라이코사미노글라이칸, 소듐락테이트, 젖산, 아르지닌, 세린, 글라이신, 글루타믹애씨드, 알라닌, 라이신에이치씨엘, 트레오닌, 프롤린, 꿀추출물, 프로폴리스추출물, 로열젤리추출물 (끝)
#1 로지 스트 솜
정제수, 다이메티콘, 소듐하이알루로네이트, 글리세릴폴리메타크릴레이트, 베타인, 카프릴릭/카프릭트라이글리세라이드, 글리세린, 부틸렌글라이콜, 향료, 세틸에틸헥사노에이트, 다이메티콘/비닐다이메티콘크로스폴리머, 세테아릴알코올, 하이드록시에틸아크릴레이트/소듐아크릴로일다이메틸타우레이트코폴리머, 스쿠알란, 폴리솔베이트60, 솔비탄아이소스테아레이트, 판테놀, 글리세릴스테아레이트, 피이지-100스테아레이트, 알란토인, 토코페릴아세테이트, 카보머, 트로메타민, 소듐폴리아크릴레이트, 에틸헥실글리세린, 다이소듐이디티에이, 1,2-헥산다이올, 알로에베라잎즙, 병풀추출물, 녹차추출물, 카모마일꽃추출물, 로즈마리잎추출물, 감초뿌리추출물, 호장근뿌리추출물, 황금뿌리추출물, 세라마이드엔피, 하이드로제네이티드레시틴, 콜레스테롤, 세라마이드에이피, 세라마이드이오피, 피토스핑고신, 하이드롤라이즈드콜라겐, 바나나추출물, 아보카도오일, 시어버터, 호호바씨오일, 해바라기씨오일, 마카다미아씨오일, 올리브열매오일, 아르간커넬오일, 스위트아몬드오일, 달맞이꽃오일, 포도씨오일, 로즈힙열매오일, 동백나무씨오일, 아이소프로필미리스테이트, 아데노신, 나이아신아마이드, 소듐시트레이트, 시트릭애씨드, 벤질알코올, 페녹시에탄올, 카프릴릴글라이콜, 리모넨, 리날룰, 제라니올, 시트로넬올, 벤질벤조에이트, 벤질살리실레이트, 헥실신나밀, 쿠마린, 유제놀, 파네솔, 하이드록시시트로넬알, 알파-아이소메틸아이오논, 아밀신나밀알코올, 베타-카로틴, 레드40, 옐로우5, 블루1, 적색산화철, 황색산화철, 흑색산화철, 티타늄디옥사이드, 마이카, 실리카, 하이드로제네이티드폴리아이소부텐, 폴리글리세릴-10스테아레이트, 글리세릴카프릴레이트, 코코-글루코사이드, 자일리톨, 무수자일리톨, 에리스리톨, 트레할로스, 아세틸헥사펩타이드-8, 팔미토일트라이펩타이드-1, 팔미토일테트라펩타이드-7, 이페지, 소듐피씨에이, 우레아, 하이드롤라이즈드글라이코사미노글라이칸, 소듐락테이트, 젖산, 아르지닌, 세린, 글라이신, 글루타믹애씨드, 알라닌, 라이신에이치씨엘, 트레오닌, 프롤린, 꿀추출물, 프로폴리스추출물, 로열젤리추출물 (끝)
#00 모모진
정제수, 다이메티콘, 소듐하이알루로네이트, 글리세릴폴리메타크릴레이트, 베타인, 카프릴릭/카프릭트라이글리세라이드, 글리세린, 부틸렌글라이콜, 향료, 세틸에틸헥사노에이트, 다이메티콘/비닐다이메티콘크로스폴리머, 세테아릴알코올, 하이드록시에틸아크릴레이트/소듐아크릴로일다이메틸타우레이트코폴리머, 스쿠알란, 폴리솔베이트60, 솔비탄아이소스테아레이트, 판테놀, 글리세릴스테아레이트, 피이지-100스테아레이트, 알란토인, 토코페릴아세테이트, 카보머, 트로메타민, 소듐폴리아크릴레이트, 에틸헥실글리세린, 다이소듐이디티에이, 1,2-헥산다이올, 알로에베라잎즙, 병풀추출물, 녹차추출물, 카모마일꽃추출물, 로즈마리잎추출물, 감초뿌리추출물, 호장근뿌리추출물, 황금뿌리추출물, 세라마이드엔피, 하이드로제네이티드레시틴, 콜레스테롤, 세라마이드에이피, 세라마이드이오피, 피토스핑고신, 하이드롤라이즈드콜라겐, 바나나추출물, 아보카도오일, 시어버터, 호호바씨오일, 해바라기씨오일, 마카다미아씨오일, 올리브열매오일, 아르간커넬오일, 스위트아몬드오일, 달맞이꽃오일, 포도씨오일, 로즈힙열매오일, 동백나무씨오일, 아이소프로필미리스테이트, 아데노신, 나이아신아마이드, 소듐시트레이트, 시트릭애씨드, 벤질알코올, 페녹시에탄올, 카프릴릴글라이콜, 리모넨, 리날룰, 제라니올, 시트로넬올, 벤질벤조에이트, 벤질살리실레이트, 헥실신나밀, 쿠마린, 유제놀, 파네솔, 하이드록시시트로넬알, 알파-아이소메틸아이오논, 아밀신나밀알코올, 베타-카로틴, 레드40, 옐로우5, 블루1, 적색산화철, 황색산화철, 흑색산화철, 티타늄디옥사이드, 마이카, 실리카, 하이드로제네이티드폴리아이소부텐, 폴리글리세릴-10스테아레이트, 글리세릴카프릴레이트, 코코-글루코사이드, 자일리톨, 무수자일리톨, 에리스리톨, 트레할로스, 아세틸헥사펩타이드-8, 팔미토일트라이펩타이드-1, 팔미토일테트라펩타이드-7, 이페지, 소듐피씨에이, 우레아, 하이드롤라이즈드글라이코사미노글라이칸, 소듐락테이트, 젖산, 아르지닌, 세린, 글라이신, 글루타믹애씨드, 알라닌, 라이신에이치씨엘, 트레오닌, 프롤린, 꿀추출물, 프로폴리스추출물, 로열젤리추출물 (끝)
#00 베버 트리
정제수, 다이메티콘, 소듐하이알루로네이트, 글리세릴폴리메타크릴레이트, 베타인, 카프릴릭/카프릭트라이글리세라이드, 글리세린, 부틸렌글라이콜, 향료, 세틸에틸헥사노에이트, 다이메티콘/비닐다이메티콘크로스폴리머, 세테아릴알코올, 하이드록시에틸아크릴레이트/소듐아크릴로일다이메틸타우레이트코폴리머, 스쿠알란, 폴리솔베이트60, 솔비탄아이소스테아레이트, 판테놀, 글리세릴스테아레이트, 피이지-100스테아레이트, 알란토인, 토코페릴아세테이트, 카보머, 트로메타민, 소듐폴리아크릴레이트, 에틸헥실글리세린, 다이소듐이디티에이, 1,2-헥산다이올, 알로에베라잎즙, 병풀추출물, 녹차추출물, 카모마일꽃추출물, 로즈마리잎추출물, 감초뿌리추출물, 호장근뿌리추출물, 황금뿌리추출물, 세라마이드엔피, 하이드로제네이티드레시틴, 콜레스테롤, 세라마이드에이피, 세라마이드이오피, 피토스핑고신, 하이드롤라이즈드콜라겐, 바나나추출물, 아보카도오일, 시어버터, 호호바씨오일, 해바라기씨오일, 마카다미아씨오일, 올리브열매오일, 아르간커넬오일, 스위트아몬드오일, 달맞이꽃오일, 포도씨오일, 로즈힙열매오일, 동백나무씨오일, 아이소프로필미리스테이트, 아데노신, 나이아신아마이드, 소듐시트레이트, 시트릭애씨드, 벤질알코올, 페녹시에탄올, 카프릴릴글라이콜, 리모넨, 리날룰, 제라니올, 시트로넬올, 벤질벤조에이트, 벤질살리실레이트, 헥실신나밀, 쿠마린, 유제놀, 파네솔, 하이드록시시트로넬알, 알파-아이소메틸아이오논, 아밀신나밀알코올, 베타-카로틴, 레드40, 옐로우5, 블루1, 적색산화철, 황색산화철, 흑색산화철, 티타늄디옥사이드, 마이카, 실리카, 하이드로제네이티드폴리아이소부텐, 폴리글리세릴-10스테아레이트, 글리세릴카프릴레이트, 코코-글루코사이드, 자일리톨, 무수자일리톨, 에리스리톨, 트레할로스, 아세틸헥사펩타이드-8, 팔미토일트라이펩타이드-1, 팔미토일테트라펩타이드-7, 이페지, 소듐피씨에이, 우레아, 하이드롤라이즈드글라이코사미노글라이칸, 소듐락테이트, 젖산, 아르지닌, 세린, 글라이신, 글루타믹애씨드, 알라닌, 라이신에이치씨엘, 트레오닌, 프롤린, 꿀추출물, 프로폴리스추출물, 로열젤리추출물 (끝)
#00 이 리브
정제수, 다이메티콘, 소듐하이알루로네이트, 글리세릴폴리메타크릴레이트, 베타인, 카프릴릭/카프릭트라이글리세라이드, 글리세린, 부틸렌글라이콜, 향료, 세틸에틸헥사노에이트, 다이메티콘/비닐다이메티콘크로스폴리머, 세테아릴알코올, 하이드록시에틸아크릴레이트/소듐아크릴로일다이메틸타우레이트코폴리머, 스쿠알란, 폴리솔베이트60, 솔비탄아이소스테아레이트, 판테놀, 글리세릴스테아레이트, 피이지-100스테아레이트, 알란토인, 토코페릴아세테이트, 카보머, 트로메타민, 소듐폴리아크릴레이트, 에틸헥실글리세린, 다이소듐이디티에이, 1,2-헥산다이올, 알로에베라잎즙, 병풀추출물, 녹차추출물, 카모마일꽃추출물, 로즈마리잎추출물, 감초뿌리추출물, 호장근뿌리추출물, 황금뿌리추출물, 세라마이드엔피, 하이드로제네이티드레시틴, 콜레스테롤, 세라마이드에이피, 세라마이드이오피, 피토스핑고신, 하이드롤라이즈드콜라겐, 바나나추출물, 아보카도오일, 시어버터, 호호바씨오일, 해바라기씨오일, 마카다미아씨오일, 올리브열매오일, 아르간커넬오일, 스위트아몬드오일, 달맞이꽃오일, 포도씨오일, 로즈힙열매오일, 동백나무씨오일, 아이소프로필미리스테이트, 아데노신, 나이아신아마이드, 소듐시트레이트, 시트릭애씨드, 벤질알코올, 페녹시에탄올, 카프릴릴글라이콜, 리모넨, 리날룰, 제라니올, 시트로넬올, 벤질벤조에이트, 벤질살리실레이트, 헥실신나밀, 쿠마린, 유제놀, 파네솔, 하이드록시시트로넬알, 알파-아이소메틸아이오논, 아밀신나밀알코올, 베타-카로틴, 레드40, 옐로우5, 블루1, 적색산화철, 황색산화철, 흑색산화철, 티타늄디옥사이드, 마이카, 실리카, 하이드로제네이티드폴리아이소부텐, 폴리글리세릴-10스테아레이트, 글리세릴카프릴레이트, 코코-글루코사이드, 자일리톨, 무수자일리톨, 에리스리톨, 트레할로스, 아세틸헥사펩타이드-8, 팔미토일트라이펩타이드-1, 팔미토일테트라펩타이드-7, 이페지, 소듐피씨에이, 우레아, 하이드롤라이즈드글라이코사미노글라이칸, 소듐락테이트, 젖산, 아르지닌, 세린, 글라이신, 글루타믹애씨드, 알라닌, 라이신에이치씨엘, 트레오닌, 프롤린, 꿀추출물, 프로폴리스추출물, 로열젤리추출물 (끝)
